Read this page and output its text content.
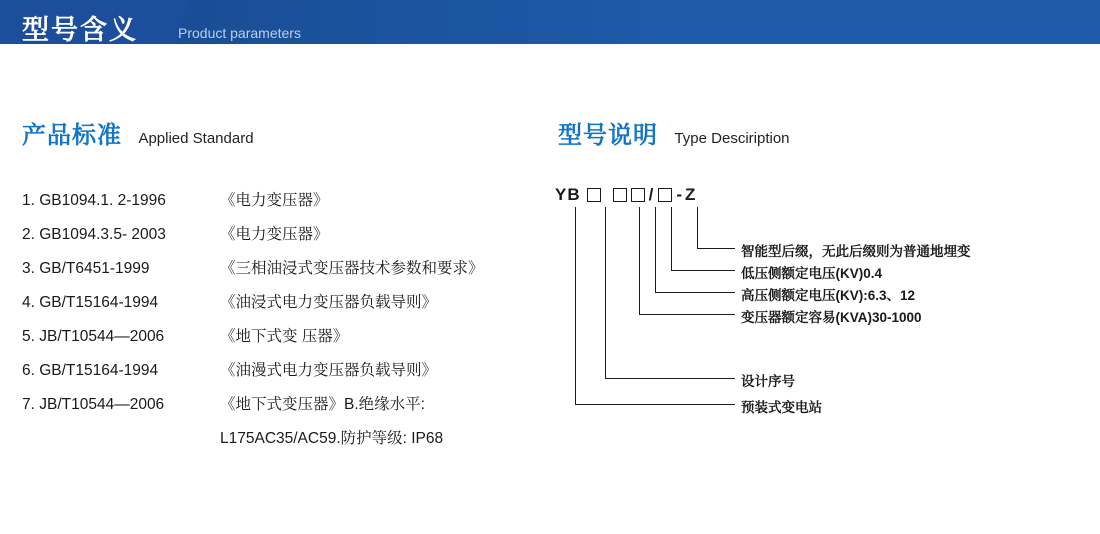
型号含义	Product parameters
产品标准 Applied Standard
1. GB1094.1. 2-1996	《电力变压器》
2. GB1094.3.5- 2003	《电力变压器》
3. GB/T6451-1999	《三相油浸式变压器技术参数和要求》
4. GB/T15164-1994	《油浸式电力变压器负载导则》
5. JB/T10544—2006	《地下式变 压器》
6. GB/T15164-1994	《油漫式电力变压器负载导则》
7. JB/T10544—2006	《地下式变压器》B.绝缘水平:
L175AC35/AC59.防护等级: IP68
型号说明 Type Desciription
YB	/ - Z
智能型后缀，无此后缀则为普通地埋变
低压侧额定电压(KV)0.4
高压侧额定电压(KV):6.3、12
变压器额定容易(KVA)30-1000
设计序号
预装式变电站
